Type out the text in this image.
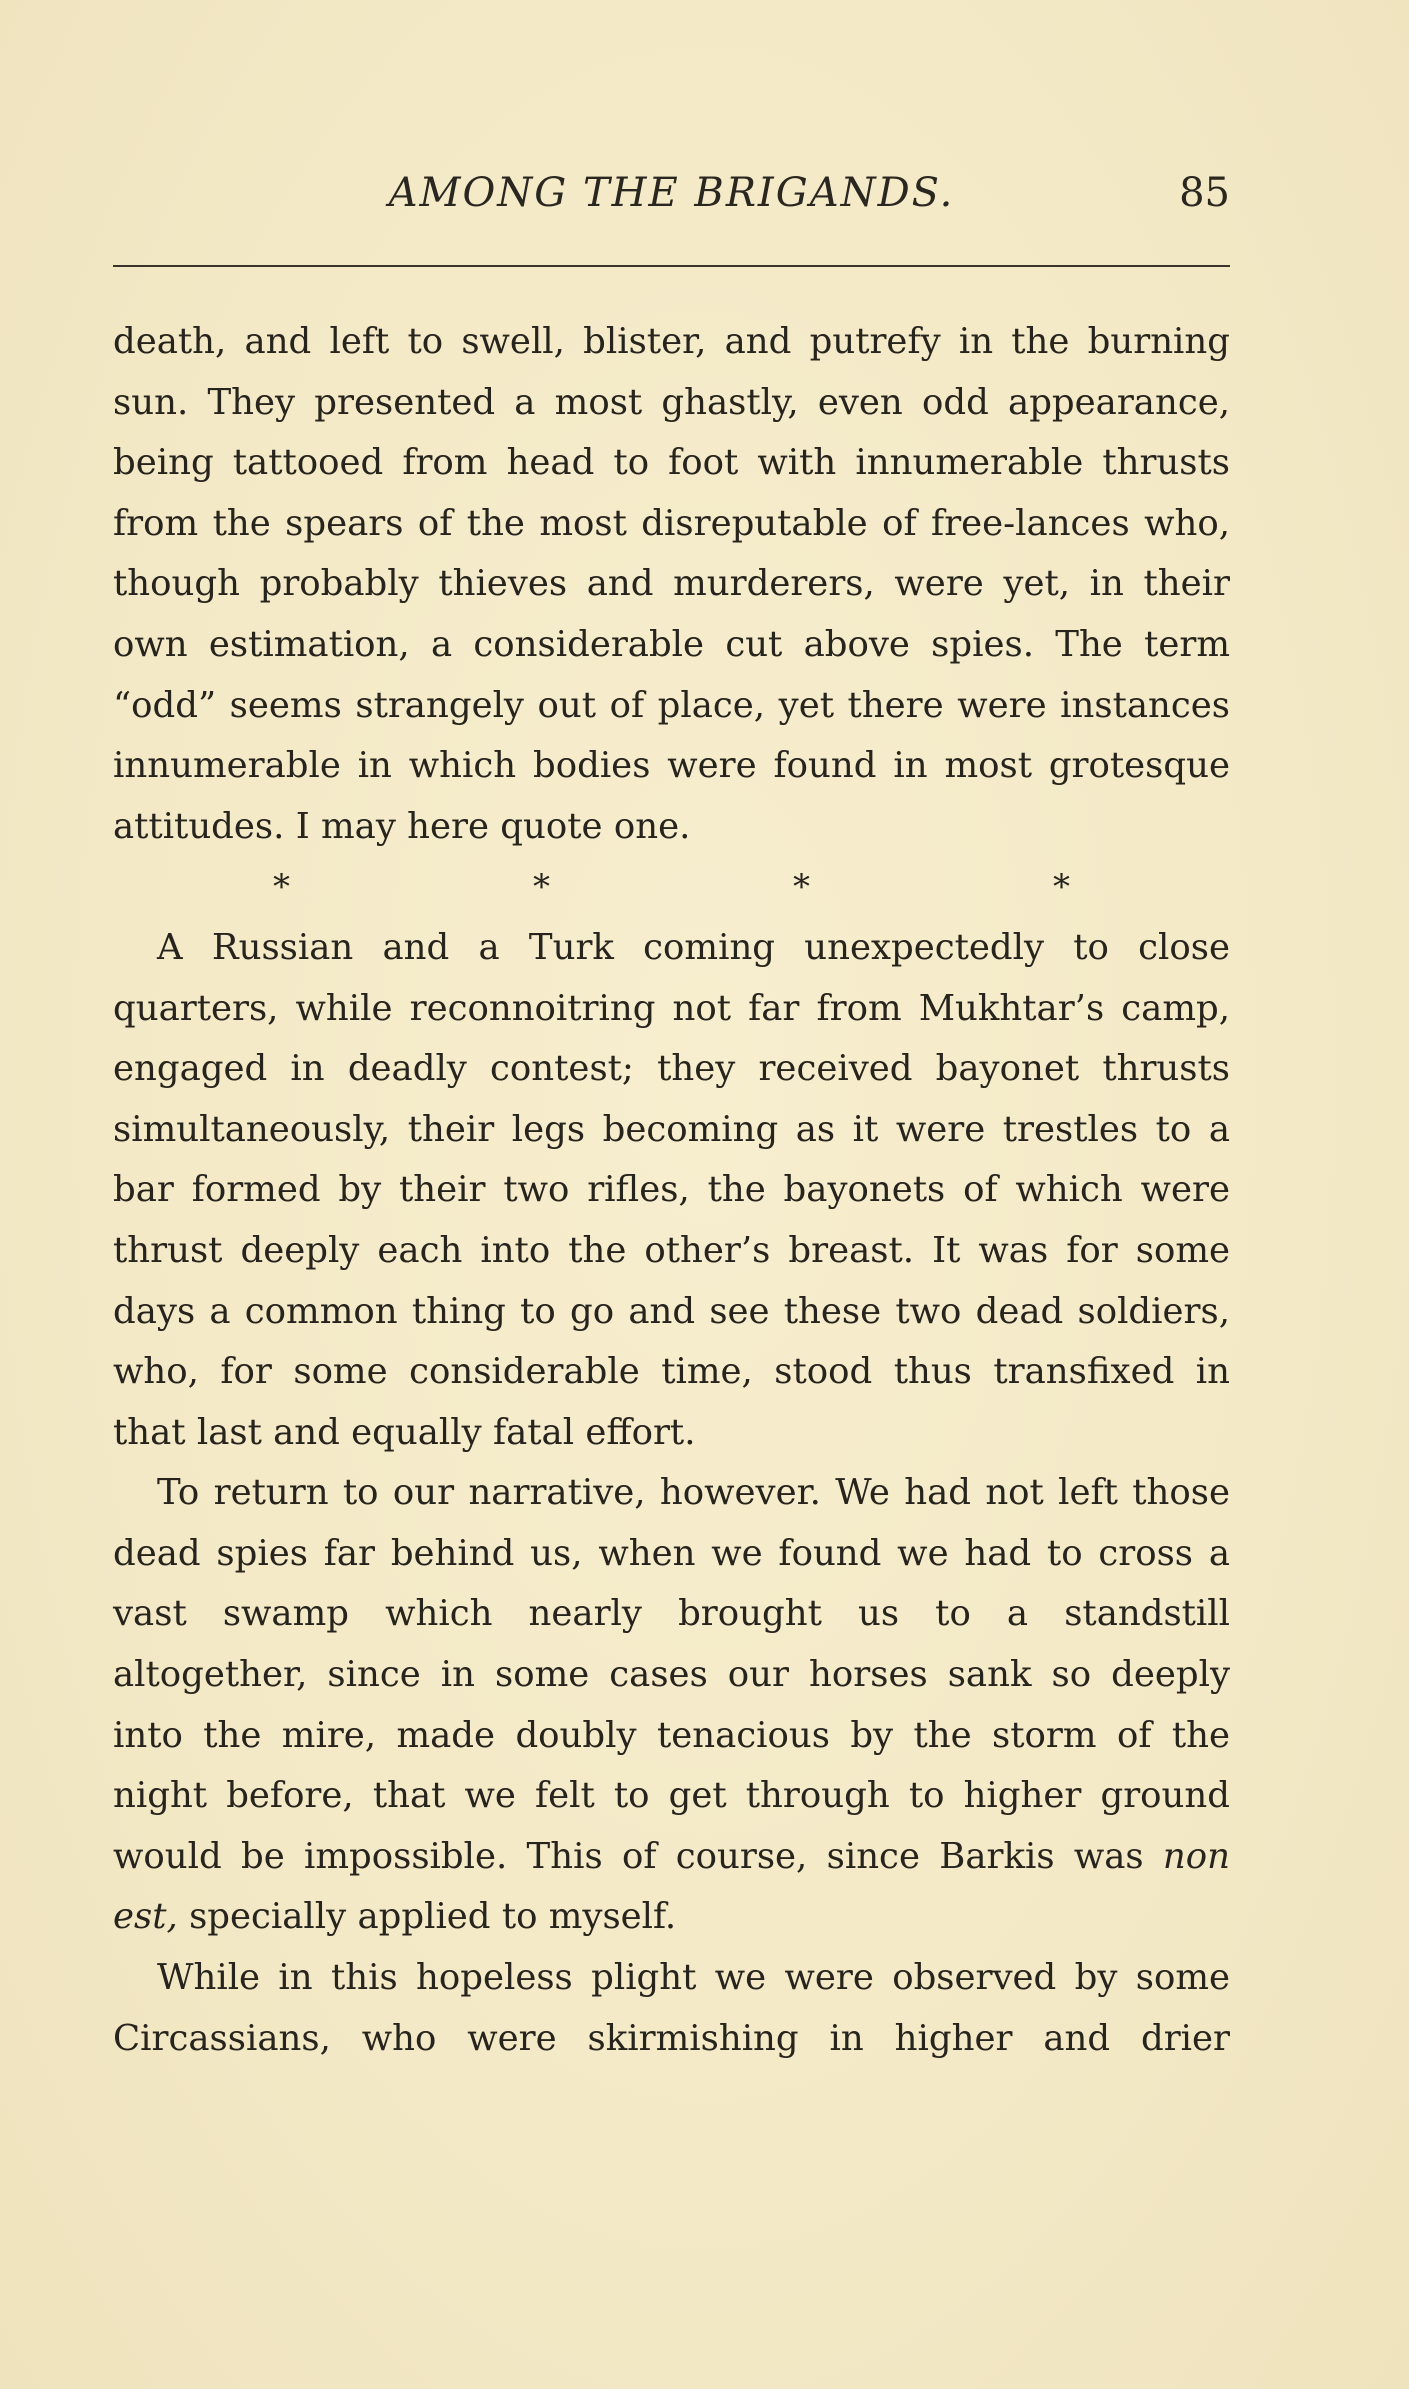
AMONG THE BRIGANDS.	85

death, and left to swell, blister, and putrefy in the burning sun. They presented a most ghastly, even odd appearance, being tattooed from head to foot with innumerable thrusts from the spears of the most disreputable of free-lances who, though probably thieves and murderers, were yet, in their own estimation, a considerable cut above spies. The term “odd” seems strangely out of place, yet there were instances innumerable in which bodies were found in most grotesque attitudes. I may here quote one.

*	*	*	*

A Russian and a Turk coming unexpectedly to close quarters, while reconnoitring not far from Mukhtar’s camp, engaged in deadly contest; they received bayonet thrusts simultaneously, their legs becoming as it were trestles to a bar formed by their two rifles, the bayonets of which were thrust deeply each into the other’s breast. It was for some days a common thing to go and see these two dead soldiers, who, for some considerable time, stood thus transfixed in that last and equally fatal effort.

To return to our narrative, however. We had not left those dead spies far behind us, when we found we had to cross a vast swamp which nearly brought us to a standstill altogether, since in some cases our horses sank so deeply into the mire, made doubly tenacious by the storm of the night before, that we felt to get through to higher ground would be impossible. This of course, since Barkis was non est, specially applied to myself.

While in this hopeless plight we were observed by some Circassians, who were skirmishing in higher and drier
